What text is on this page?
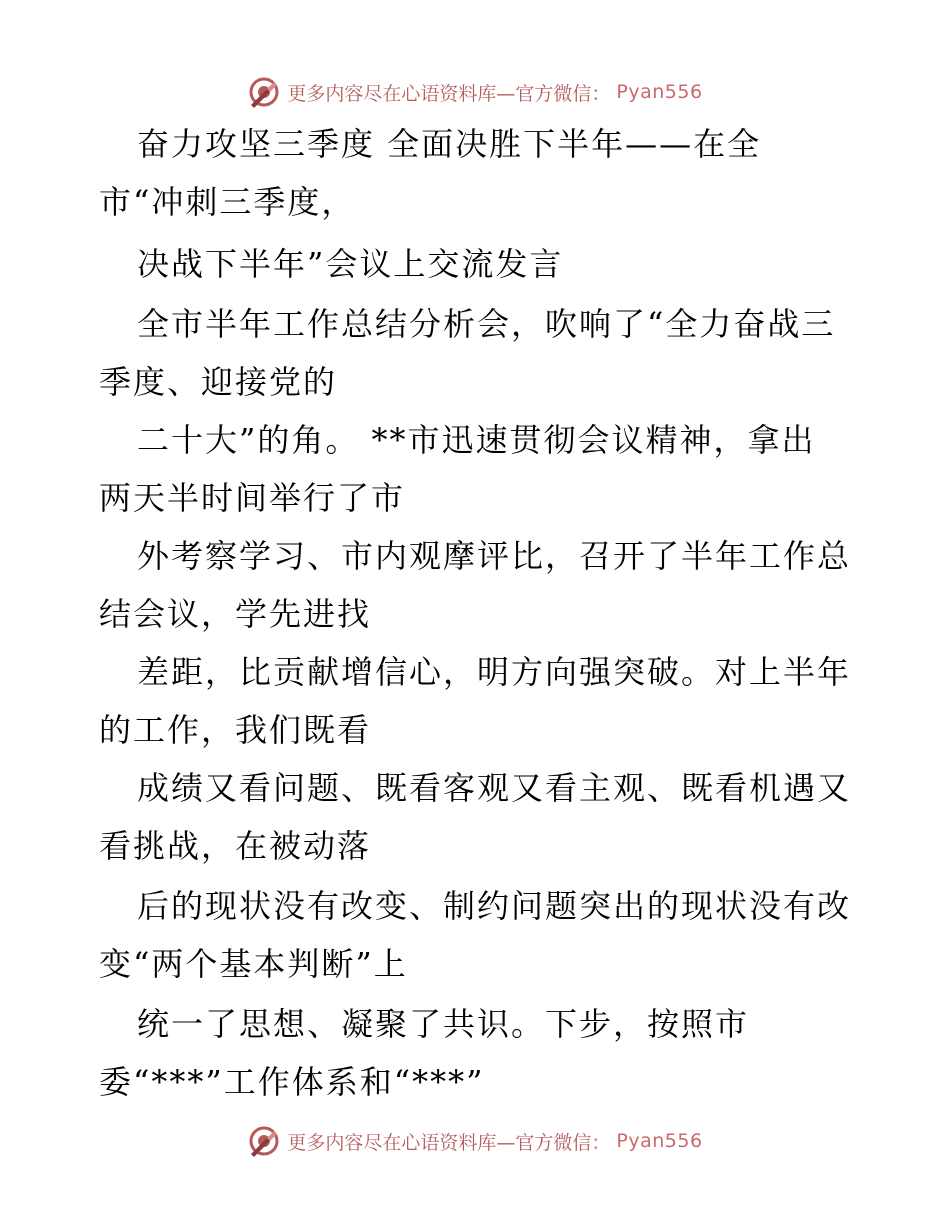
更多内容尽在心语资料库—官方微信： Pyan556
奋力攻坚三季度 全面决胜下半年——在全
市“冲刺三季度，
决战下半年”会议上交流发言
全市半年工作总结分析会，吹响了“全力奋战三
季度、迎接党的
二十大”的角。 **市迅速贯彻会议精神，拿出
两天半时间举行了市
外考察学习、市内观摩评比，召开了半年工作总
结会议，学先进找
差距，比贡献增信心，明方向强突破。对上半年
的工作，我们既看
成绩又看问题、既看客观又看主观、既看机遇又
看挑战，在被动落
后的现状没有改变、制约问题突出的现状没有改
变“两个基本判断”上
统一了思想、凝聚了共识。下步，按照市
委“***”工作体系和“***”
更多内容尽在心语资料库—官方微信： Pyan556
